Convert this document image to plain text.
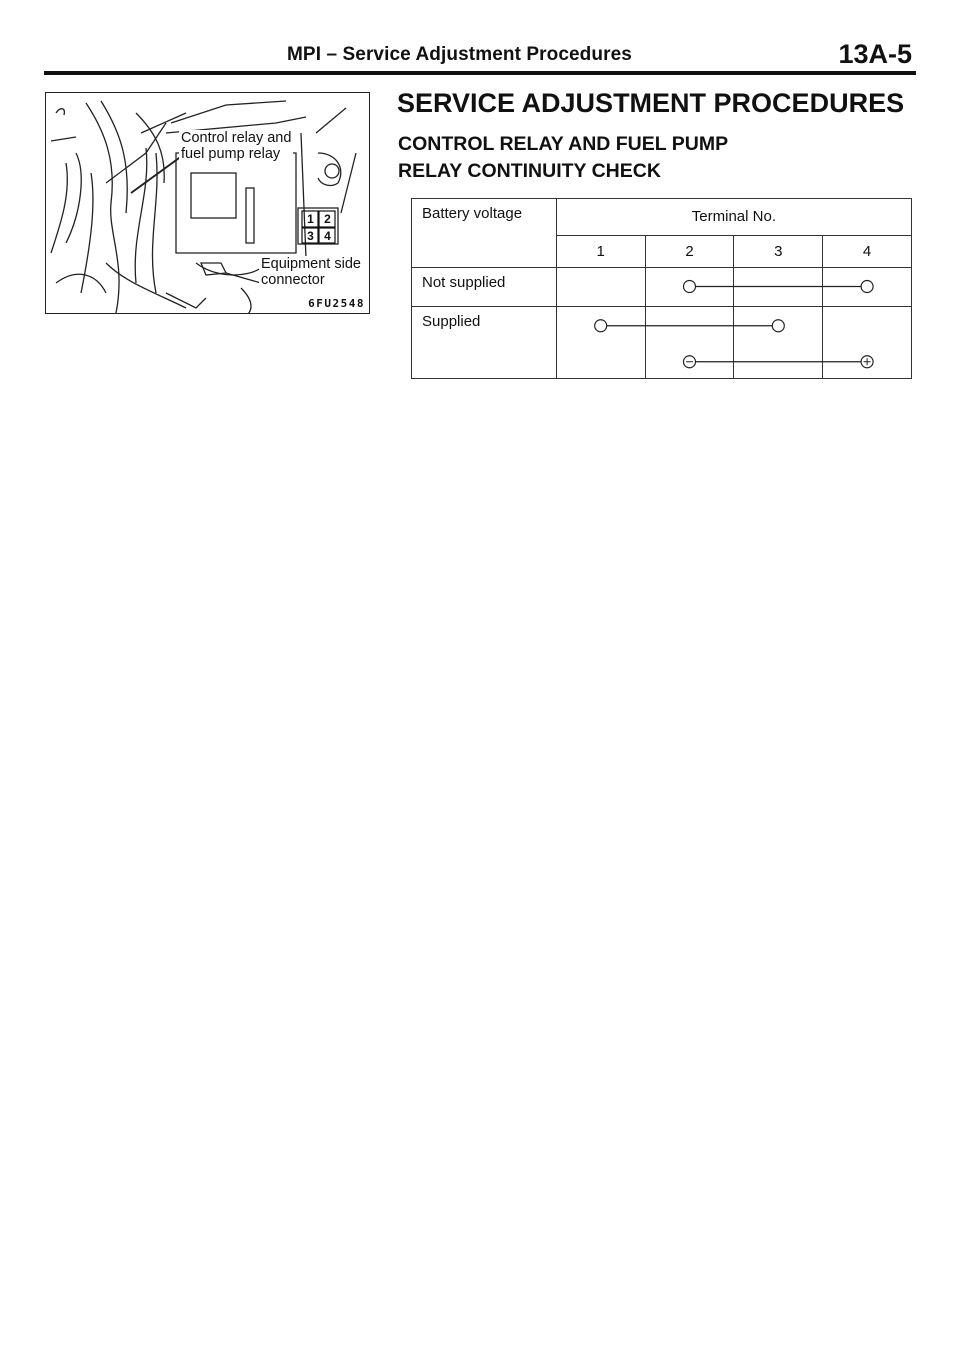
MPI – Service Adjustment Procedures	13A-5
1 2
3 4
Control relay and
fuel pump relay
Equipment side
connector
6FU2548
SERVICE ADJUSTMENT PROCEDURES
CONTROL RELAY AND FUEL PUMP
RELAY CONTINUITY CHECK
Battery voltage	Terminal No.			
	1	2	3	4
Not supplied				
Supplied				
